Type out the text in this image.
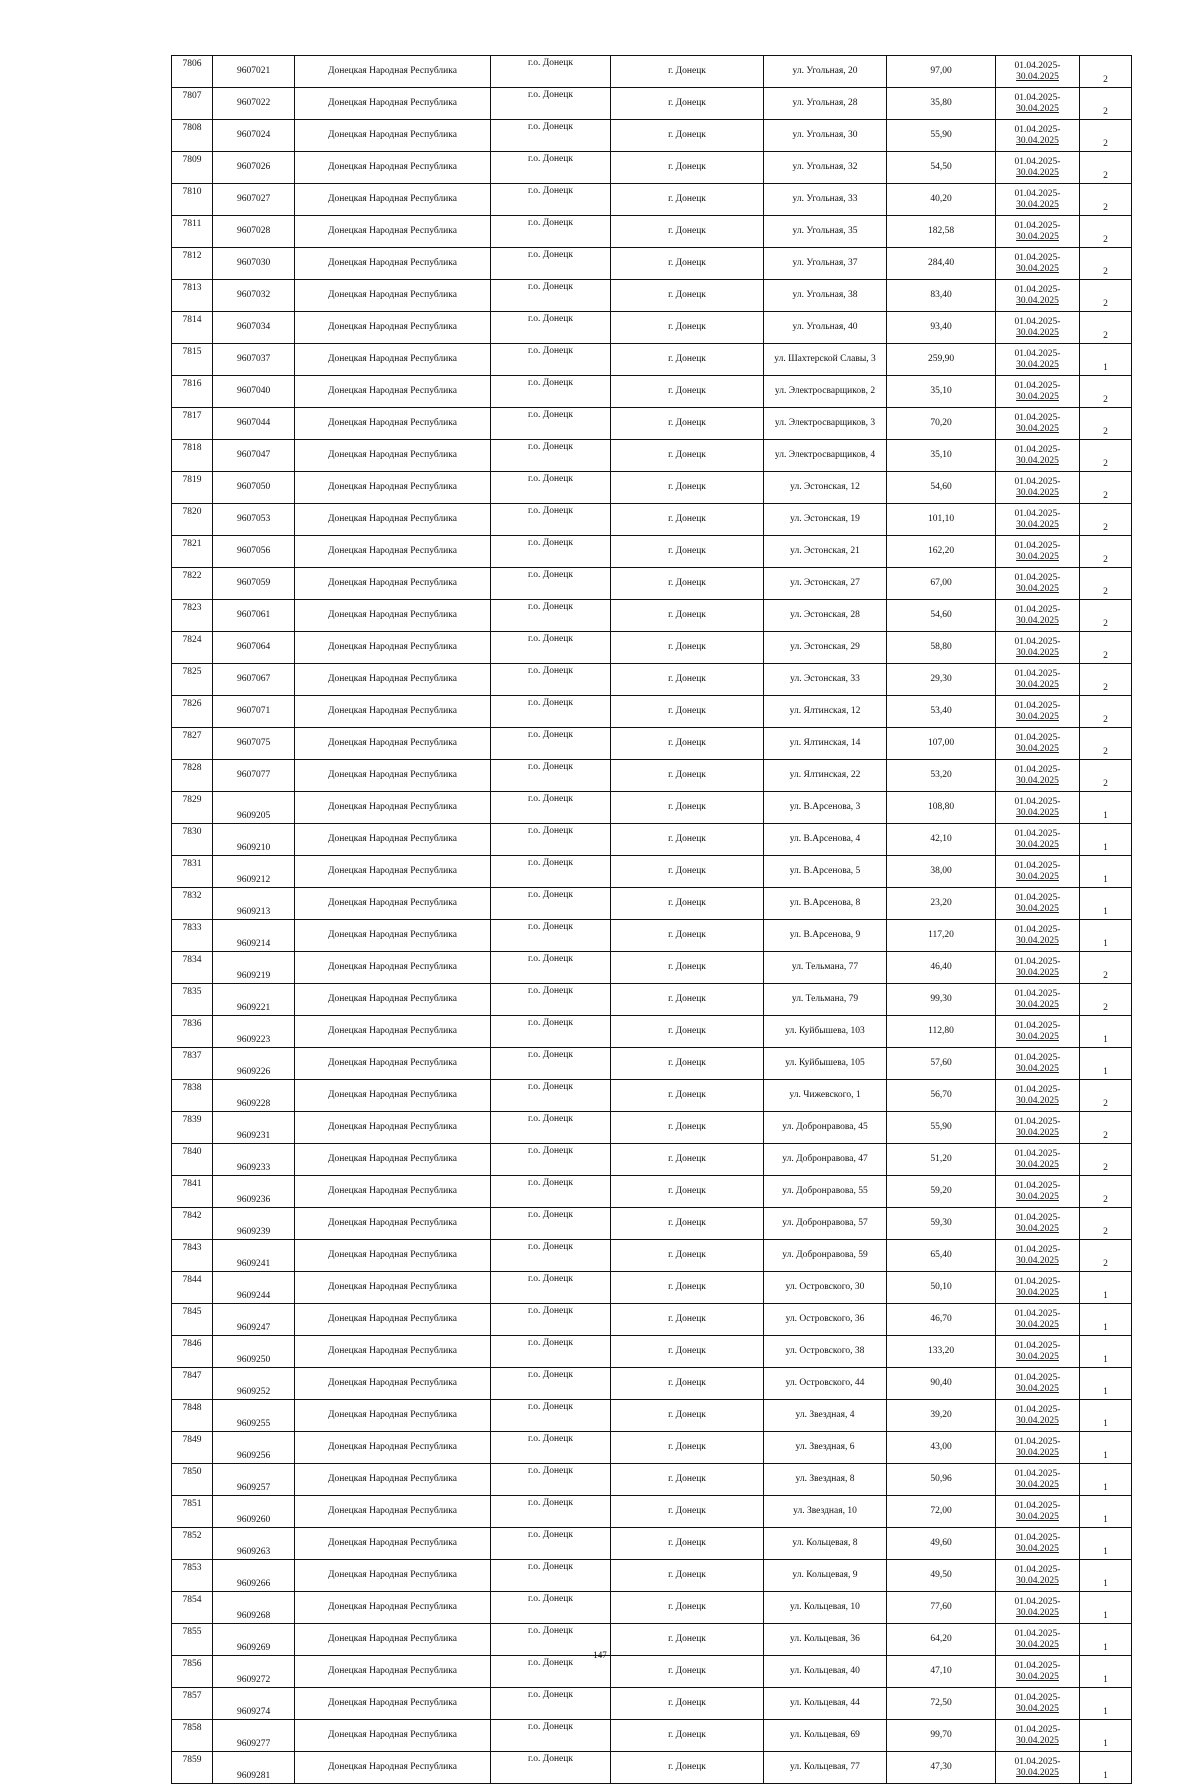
7806	9607021	Донецкая Народная Республика	г.о. Донецк	г. Донецк	ул. Угольная, 20	97,00	01.04.2025-
30.04.2025	2
7807	9607022	Донецкая Народная Республика	г.о. Донецк	г. Донецк	ул. Угольная, 28	35,80	01.04.2025-
30.04.2025	2
7808	9607024	Донецкая Народная Республика	г.о. Донецк	г. Донецк	ул. Угольная, 30	55,90	01.04.2025-
30.04.2025	2
7809	9607026	Донецкая Народная Республика	г.о. Донецк	г. Донецк	ул. Угольная, 32	54,50	01.04.2025-
30.04.2025	2
7810	9607027	Донецкая Народная Республика	г.о. Донецк	г. Донецк	ул. Угольная, 33	40,20	01.04.2025-
30.04.2025	2
7811	9607028	Донецкая Народная Республика	г.о. Донецк	г. Донецк	ул. Угольная, 35	182,58	01.04.2025-
30.04.2025	2
7812	9607030	Донецкая Народная Республика	г.о. Донецк	г. Донецк	ул. Угольная, 37	284,40	01.04.2025-
30.04.2025	2
7813	9607032	Донецкая Народная Республика	г.о. Донецк	г. Донецк	ул. Угольная, 38	83,40	01.04.2025-
30.04.2025	2
7814	9607034	Донецкая Народная Республика	г.о. Донецк	г. Донецк	ул. Угольная, 40	93,40	01.04.2025-
30.04.2025	2
7815	9607037	Донецкая Народная Республика	г.о. Донецк	г. Донецк	ул. Шахтерской Славы, 3	259,90	01.04.2025-
30.04.2025	1
7816	9607040	Донецкая Народная Республика	г.о. Донецк	г. Донецк	ул. Электросварщиков, 2	35,10	01.04.2025-
30.04.2025	2
7817	9607044	Донецкая Народная Республика	г.о. Донецк	г. Донецк	ул. Электросварщиков, 3	70,20	01.04.2025-
30.04.2025	2
7818	9607047	Донецкая Народная Республика	г.о. Донецк	г. Донецк	ул. Электросварщиков, 4	35,10	01.04.2025-
30.04.2025	2
7819	9607050	Донецкая Народная Республика	г.о. Донецк	г. Донецк	ул. Эстонская, 12	54,60	01.04.2025-
30.04.2025	2
7820	9607053	Донецкая Народная Республика	г.о. Донецк	г. Донецк	ул. Эстонская, 19	101,10	01.04.2025-
30.04.2025	2
7821	9607056	Донецкая Народная Республика	г.о. Донецк	г. Донецк	ул. Эстонская, 21	162,20	01.04.2025-
30.04.2025	2
7822	9607059	Донецкая Народная Республика	г.о. Донецк	г. Донецк	ул. Эстонская, 27	67,00	01.04.2025-
30.04.2025	2
7823	9607061	Донецкая Народная Республика	г.о. Донецк	г. Донецк	ул. Эстонская, 28	54,60	01.04.2025-
30.04.2025	2
7824	9607064	Донецкая Народная Республика	г.о. Донецк	г. Донецк	ул. Эстонская, 29	58,80	01.04.2025-
30.04.2025	2
7825	9607067	Донецкая Народная Республика	г.о. Донецк	г. Донецк	ул. Эстонская, 33	29,30	01.04.2025-
30.04.2025	2
7826	9607071	Донецкая Народная Республика	г.о. Донецк	г. Донецк	ул. Ялтинская, 12	53,40	01.04.2025-
30.04.2025	2
7827	9607075	Донецкая Народная Республика	г.о. Донецк	г. Донецк	ул. Ялтинская, 14	107,00	01.04.2025-
30.04.2025	2
7828	9607077	Донецкая Народная Республика	г.о. Донецк	г. Донецк	ул. Ялтинская, 22	53,20	01.04.2025-
30.04.2025	2
7829	9609205	Донецкая Народная Республика	г.о. Донецк	г. Донецк	ул. В.Арсенова, 3	108,80	01.04.2025-
30.04.2025	1
7830	9609210	Донецкая Народная Республика	г.о. Донецк	г. Донецк	ул. В.Арсенова, 4	42,10	01.04.2025-
30.04.2025	1
7831	9609212	Донецкая Народная Республика	г.о. Донецк	г. Донецк	ул. В.Арсенова, 5	38,00	01.04.2025-
30.04.2025	1
7832	9609213	Донецкая Народная Республика	г.о. Донецк	г. Донецк	ул. В.Арсенова, 8	23,20	01.04.2025-
30.04.2025	1
7833	9609214	Донецкая Народная Республика	г.о. Донецк	г. Донецк	ул. В.Арсенова, 9	117,20	01.04.2025-
30.04.2025	1
7834	9609219	Донецкая Народная Республика	г.о. Донецк	г. Донецк	ул. Тельмана, 77	46,40	01.04.2025-
30.04.2025	2
7835	9609221	Донецкая Народная Республика	г.о. Донецк	г. Донецк	ул. Тельмана, 79	99,30	01.04.2025-
30.04.2025	2
7836	9609223	Донецкая Народная Республика	г.о. Донецк	г. Донецк	ул. Куйбышева, 103	112,80	01.04.2025-
30.04.2025	1
7837	9609226	Донецкая Народная Республика	г.о. Донецк	г. Донецк	ул. Куйбышева, 105	57,60	01.04.2025-
30.04.2025	1
7838	9609228	Донецкая Народная Республика	г.о. Донецк	г. Донецк	ул. Чижевского, 1	56,70	01.04.2025-
30.04.2025	2
7839	9609231	Донецкая Народная Республика	г.о. Донецк	г. Донецк	ул. Добронравова, 45	55,90	01.04.2025-
30.04.2025	2
7840	9609233	Донецкая Народная Республика	г.о. Донецк	г. Донецк	ул. Добронравова, 47	51,20	01.04.2025-
30.04.2025	2
7841	9609236	Донецкая Народная Республика	г.о. Донецк	г. Донецк	ул. Добронравова, 55	59,20	01.04.2025-
30.04.2025	2
7842	9609239	Донецкая Народная Республика	г.о. Донецк	г. Донецк	ул. Добронравова, 57	59,30	01.04.2025-
30.04.2025	2
7843	9609241	Донецкая Народная Республика	г.о. Донецк	г. Донецк	ул. Добронравова, 59	65,40	01.04.2025-
30.04.2025	2
7844	9609244	Донецкая Народная Республика	г.о. Донецк	г. Донецк	ул. Островского, 30	50,10	01.04.2025-
30.04.2025	1
7845	9609247	Донецкая Народная Республика	г.о. Донецк	г. Донецк	ул. Островского, 36	46,70	01.04.2025-
30.04.2025	1
7846	9609250	Донецкая Народная Республика	г.о. Донецк	г. Донецк	ул. Островского, 38	133,20	01.04.2025-
30.04.2025	1
7847	9609252	Донецкая Народная Республика	г.о. Донецк	г. Донецк	ул. Островского, 44	90,40	01.04.2025-
30.04.2025	1
7848	9609255	Донецкая Народная Республика	г.о. Донецк	г. Донецк	ул. Звездная, 4	39,20	01.04.2025-
30.04.2025	1
7849	9609256	Донецкая Народная Республика	г.о. Донецк	г. Донецк	ул. Звездная, 6	43,00	01.04.2025-
30.04.2025	1
7850	9609257	Донецкая Народная Республика	г.о. Донецк	г. Донецк	ул. Звездная, 8	50,96	01.04.2025-
30.04.2025	1
7851	9609260	Донецкая Народная Республика	г.о. Донецк	г. Донецк	ул. Звездная, 10	72,00	01.04.2025-
30.04.2025	1
7852	9609263	Донецкая Народная Республика	г.о. Донецк	г. Донецк	ул. Кольцевая, 8	49,60	01.04.2025-
30.04.2025	1
7853	9609266	Донецкая Народная Республика	г.о. Донецк	г. Донецк	ул. Кольцевая, 9	49,50	01.04.2025-
30.04.2025	1
7854	9609268	Донецкая Народная Республика	г.о. Донецк	г. Донецк	ул. Кольцевая, 10	77,60	01.04.2025-
30.04.2025	1
7855	9609269	Донецкая Народная Республика	г.о. Донецк	г. Донецк	ул. Кольцевая, 36	64,20	01.04.2025-
30.04.2025	1
7856	9609272	Донецкая Народная Республика	г.о. Донецк	г. Донецк	ул. Кольцевая, 40	47,10	01.04.2025-
30.04.2025	1
7857	9609274	Донецкая Народная Республика	г.о. Донецк	г. Донецк	ул. Кольцевая, 44	72,50	01.04.2025-
30.04.2025	1
7858	9609277	Донецкая Народная Республика	г.о. Донецк	г. Донецк	ул. Кольцевая, 69	99,70	01.04.2025-
30.04.2025	1
7859	9609281	Донецкая Народная Республика	г.о. Донецк	г. Донецк	ул. Кольцевая, 77	47,30	01.04.2025-
30.04.2025	1
147
